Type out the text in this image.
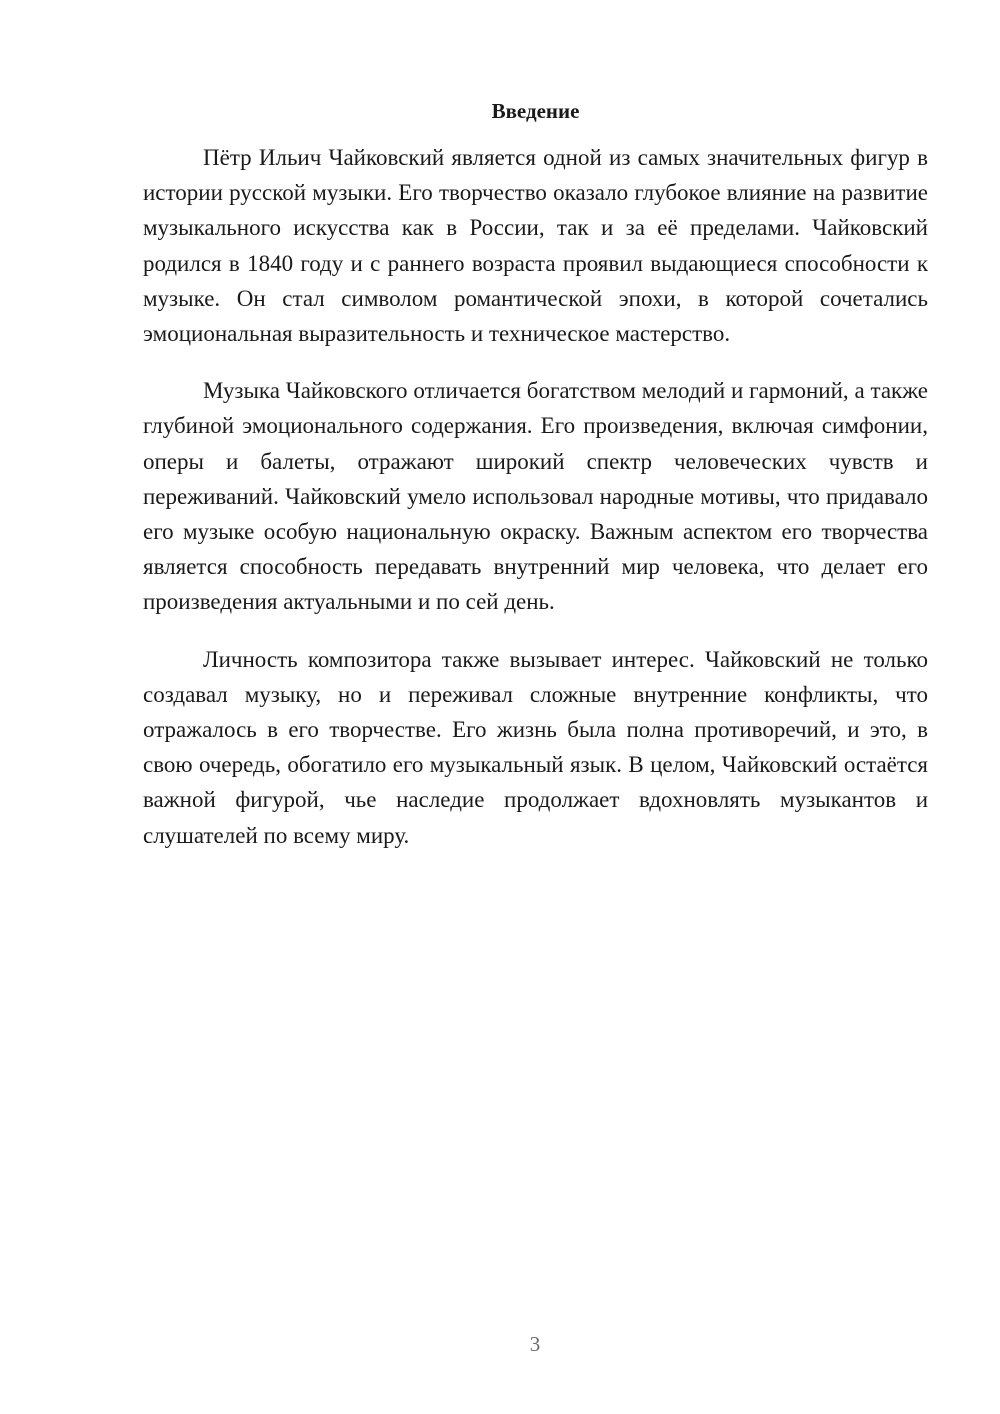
Введение

Пётр Ильич Чайковский является одной из самых значительных фигур в истории русской музыки. Его творчество оказало глубокое влияние на развитие музыкального искусства как в России, так и за её пределами. Чайковский родился в 1840 году и с раннего возраста проявил выдающиеся способности к музыке. Он стал символом романтической эпохи, в которой сочетались эмоциональная выразительность и техническое мастерство.

Музыка Чайковского отличается богатством мелодий и гармоний, а также глубиной эмоционального содержания. Его произведения, включая симфонии, оперы и балеты, отражают широкий спектр человеческих чувств и переживаний. Чайковский умело использовал народные мотивы, что придавало его музыке особую национальную окраску. Важным аспектом его творчества является способность передавать внутренний мир человека, что делает его произведения актуальными и по сей день.

Личность композитора также вызывает интерес. Чайковский не только создавал музыку, но и переживал сложные внутренние конфликты, что отражалось в его творчестве. Его жизнь была полна противоречий, и это, в свою очередь, обогатило его музыкальный язык. В целом, Чайковский остаётся важной фигурой, чье наследие продолжает вдохновлять музыкантов и слушателей по всему миру.

3
